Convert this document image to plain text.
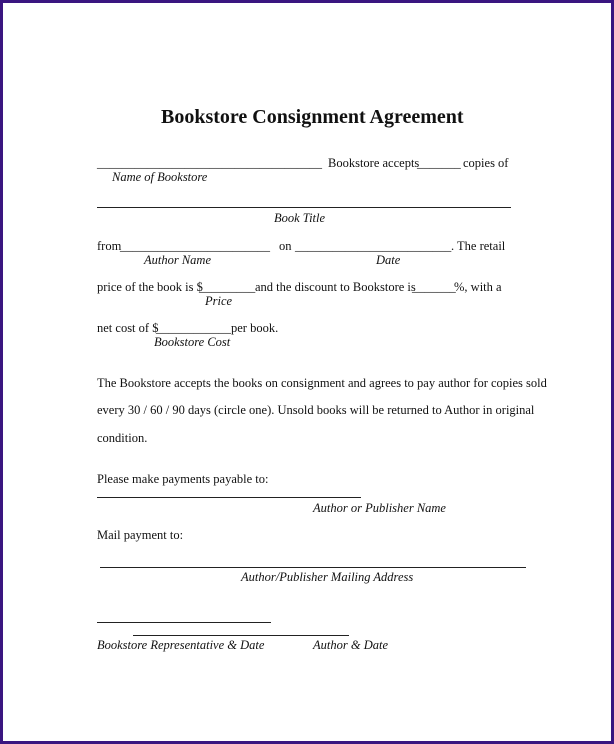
Bookstore Consignment Agreement
____________________________________ Bookstore accepts
_______ copies of
Name of Bookstore
Book Title
from
________________________ on _________________________ . The retail
Author Name	Date
price of the book is $
_________ and the discount to Bookstore is
_______
%, with a
Price
net cost of $
____________ per book.
Bookstore Cost
The Bookstore accepts the books on consignment and agrees to pay author for copies sold
every 30 / 60 / 90 days (circle one). Unsold books will be returned to Author in original
condition.
Please make payments payable to:
Author or Publisher Name
Mail payment to:
Author/Publisher Mailing Address
Bookstore Representative & Date	Author & Date
